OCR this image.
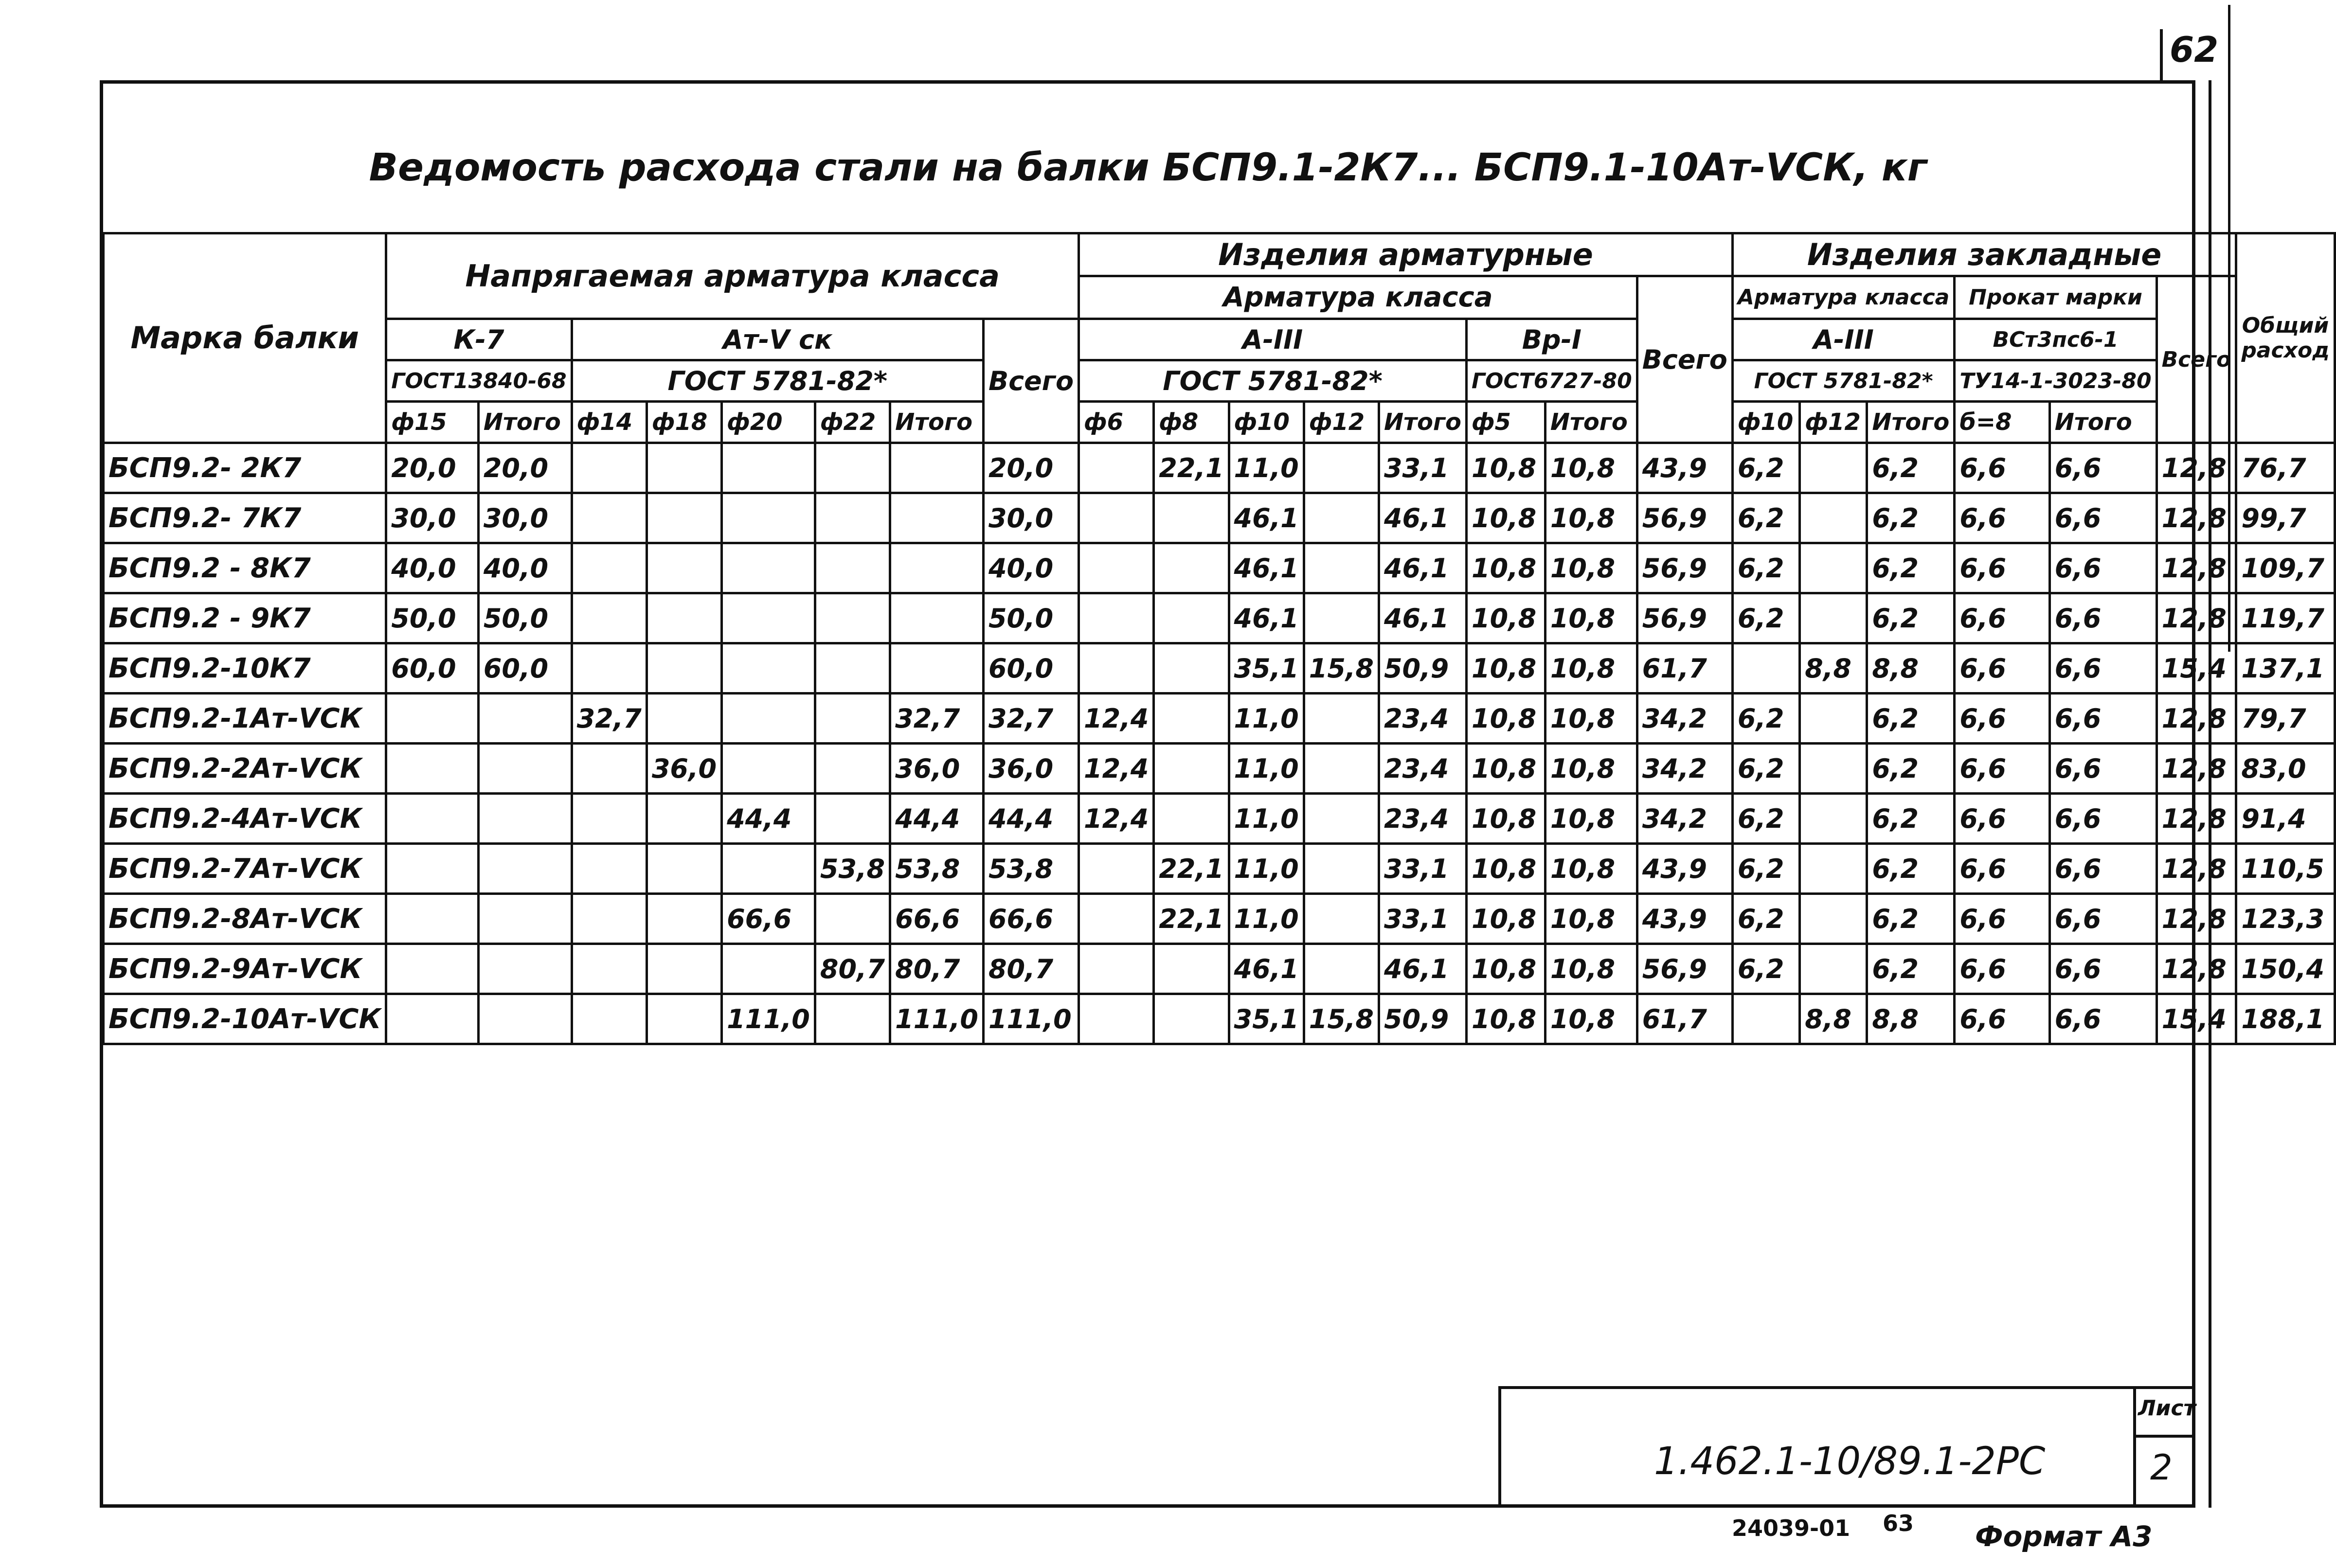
62
Ведомость расхода стали на балки БСП9.1-2К7... БСП9.1-10Ат-VСК, кг
Марка балки	Напрягаемая арматура класса								Изделия арматурные								Изделия закладные						Общий расход
									Арматура класса							Всего	Арматура класса			Прокат марки		Всего	
	К-7		Ат-V ск					Всего	А-III					Вр-I			А-III			ВСт3пс6-1			
	ГОСТ13840-68		ГОСТ 5781-82*						ГОСТ 5781-82*					ГОСТ6727-80			ГОСТ 5781-82*			ТУ14-1-3023-80			
	ф15	Итого	ф14	ф18	ф20	ф22	Итого		ф6	ф8	ф10	ф12	Итого	ф5	Итого		ф10	ф12	Итого	б=8	Итого		
БСП9.2- 2К7	20,0	20,0						20,0		22,1	11,0		33,1	10,8	10,8	43,9	6,2		6,2	6,6	6,6	12,8	76,7
БСП9.2- 7К7	30,0	30,0						30,0			46,1		46,1	10,8	10,8	56,9	6,2		6,2	6,6	6,6	12,8	99,7
БСП9.2 - 8К7	40,0	40,0						40,0			46,1		46,1	10,8	10,8	56,9	6,2		6,2	6,6	6,6	12,8	109,7
БСП9.2 - 9К7	50,0	50,0						50,0			46,1		46,1	10,8	10,8	56,9	6,2		6,2	6,6	6,6	12,8	119,7
БСП9.2-10К7	60,0	60,0						60,0			35,1	15,8	50,9	10,8	10,8	61,7		8,8	8,8	6,6	6,6	15,4	137,1
БСП9.2-1Ат-VСК			32,7				32,7	32,7	12,4		11,0		23,4	10,8	10,8	34,2	6,2		6,2	6,6	6,6	12,8	79,7
БСП9.2-2Ат-VСК				36,0			36,0	36,0	12,4		11,0		23,4	10,8	10,8	34,2	6,2		6,2	6,6	6,6	12,8	83,0
БСП9.2-4Ат-VСК					44,4		44,4	44,4	12,4		11,0		23,4	10,8	10,8	34,2	6,2		6,2	6,6	6,6	12,8	91,4
БСП9.2-7Ат-VСК						53,8	53,8	53,8		22,1	11,0		33,1	10,8	10,8	43,9	6,2		6,2	6,6	6,6	12,8	110,5
БСП9.2-8Ат-VСК					66,6		66,6	66,6		22,1	11,0		33,1	10,8	10,8	43,9	6,2		6,2	6,6	6,6	12,8	123,3
БСП9.2-9Ат-VСК						80,7	80,7	80,7			46,1		46,1	10,8	10,8	56,9	6,2		6,2	6,6	6,6	12,8	150,4
БСП9.2-10Ат-VСК					111,0		111,0	111,0			35,1	15,8	50,9	10,8	10,8	61,7		8,8	8,8	6,6	6,6	15,4	188,1
1.462.1-10/89.1-2РС
Лист
2
24039-01 63 Формат А3
